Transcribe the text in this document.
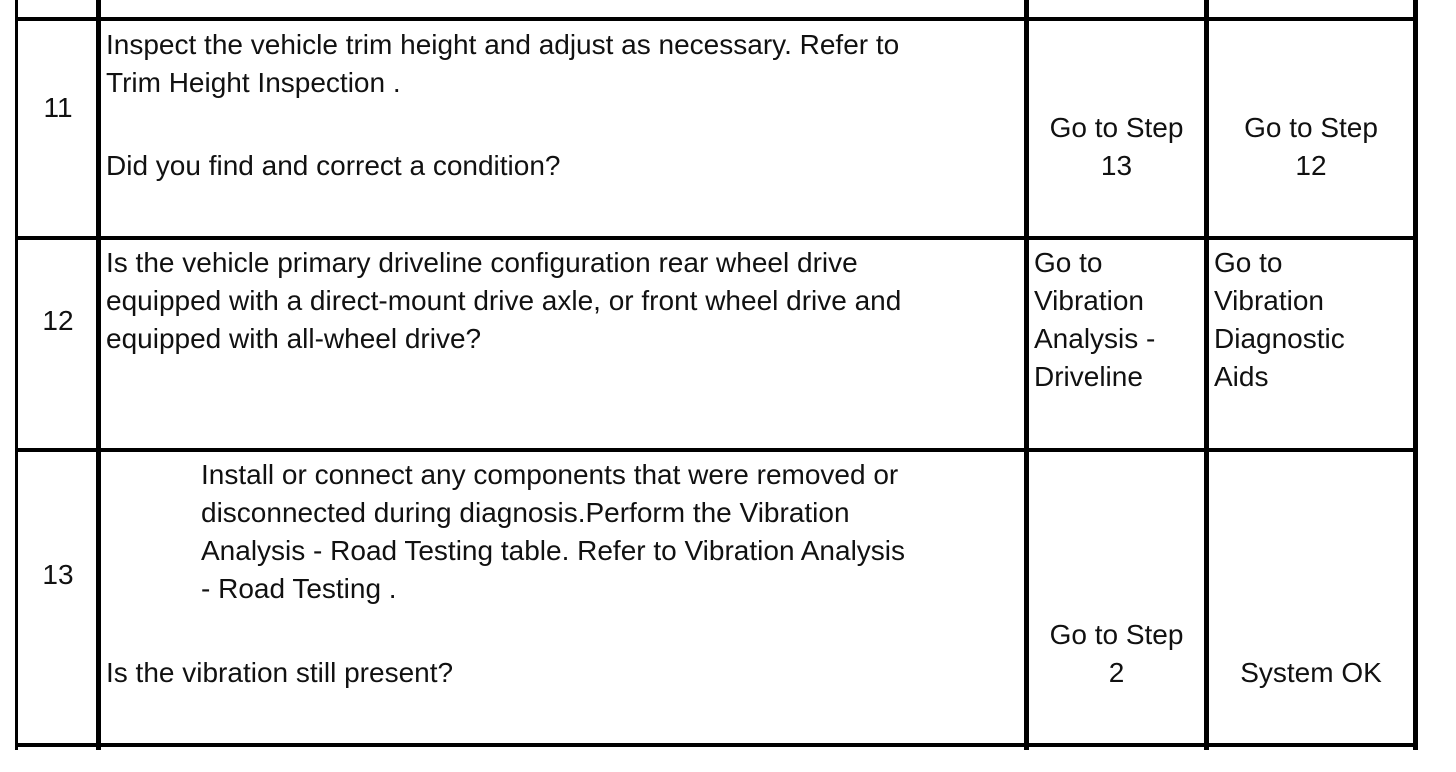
11

Inspect the vehicle trim height and adjust as necessary. Refer to

Trim Height Inspection .

Did you find and correct a condition?

Go to Step

13

Go to Step

12

12

Is the vehicle primary driveline configuration rear wheel drive

equipped with a direct-mount drive axle, or front wheel drive and

equipped with all-wheel drive?

Go to

Vibration

Analysis -

Driveline

Go to

Vibration

Diagnostic

Aids

13

Install or connect any components that were removed or

disconnected during diagnosis.Perform the Vibration

Analysis - Road Testing table. Refer to Vibration Analysis

- Road Testing .

Is the vibration still present?

Go to Step

2	System OK
